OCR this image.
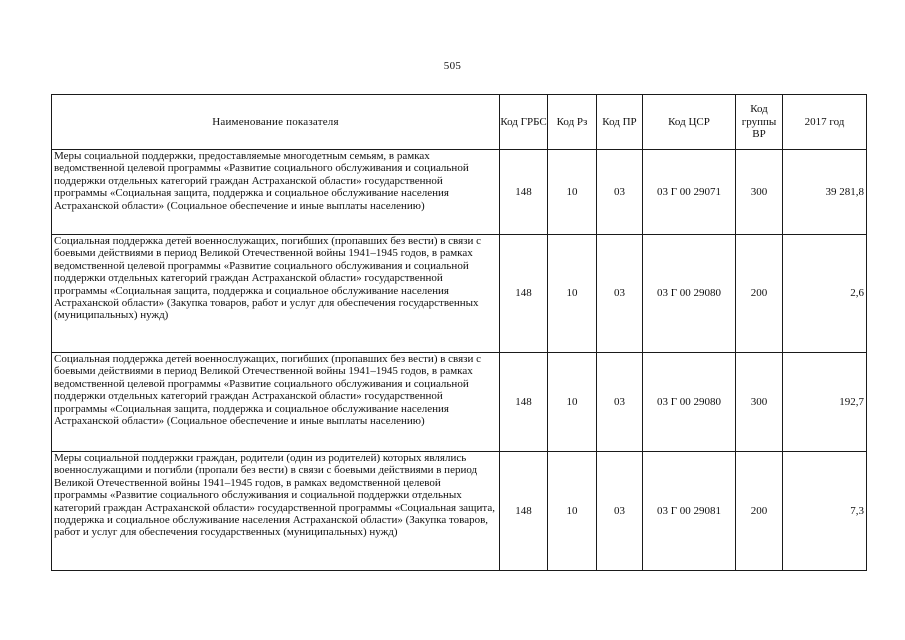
505
Наименование показателя	Код ГРБС	Код Рз	Код ПР	Код ЦСР	Код группы ВР	2017 год
Меры социальной поддержки, предоставляемые многодетным семьям, в рамках ведомственной целевой программы «Развитие социального обслуживания и социальной поддержки отдельных категорий граждан Астраханской области» государственной программы «Социальная защита, поддержка и социальное обслуживание населения Астраханской области» (Социальное обеспечение и иные выплаты населению)	148	10	03	03 Г 00 29071	300	39 281,8
Социальная поддержка детей военнослужащих, погибших (пропавших без вести) в связи с боевыми действиями в период Великой Отечественной войны 1941–1945 годов, в рамках ведомственной целевой программы «Развитие социального обслуживания и социальной поддержки отдельных категорий граждан Астраханской области» государственной программы «Социальная защита, поддержка и социальное обслуживание населения Астраханской области» (Закупка товаров, работ и услуг для обеспечения государственных (муниципальных) нужд)	148	10	03	03 Г 00 29080	200	2,6
Социальная поддержка детей военнослужащих, погибших (пропавших без вести) в связи с боевыми действиями в период Великой Отечественной войны 1941–1945 годов, в рамках ведомственной целевой программы «Развитие социального обслуживания и социальной поддержки отдельных категорий граждан Астраханской области» государственной программы «Социальная защита, поддержка и социальное обслуживание населения Астраханской области» (Социальное обеспечение и иные выплаты населению)	148	10	03	03 Г 00 29080	300	192,7
Меры социальной поддержки граждан, родители (один из родителей) которых являлись военнослужащими и погибли (пропали без вести) в связи с боевыми действиями в период Великой Отечественной войны 1941–1945 годов, в рамках ведомственной целевой программы «Развитие социального обслуживания и социальной поддержки отдельных категорий граждан Астраханской области» государственной программы «Социальная защита, поддержка и социальное обслуживание населения Астраханской области» (Закупка товаров, работ и услуг для обеспечения государственных (муниципальных) нужд)	148	10	03	03 Г 00 29081	200	7,3
